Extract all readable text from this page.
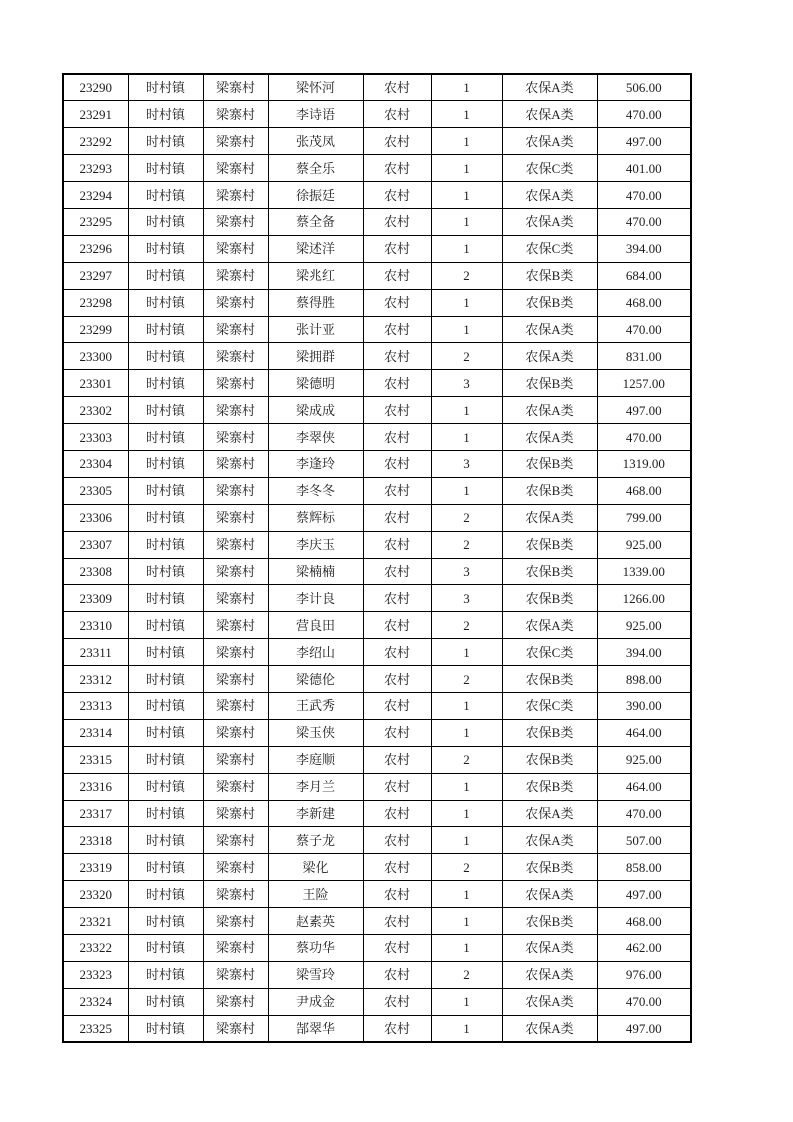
23290	时村镇	梁寨村	梁怀河	农村	1	农保A类	506.00
23291	时村镇	梁寨村	李诗语	农村	1	农保A类	470.00
23292	时村镇	梁寨村	张茂凤	农村	1	农保A类	497.00
23293	时村镇	梁寨村	蔡全乐	农村	1	农保C类	401.00
23294	时村镇	梁寨村	徐振廷	农村	1	农保A类	470.00
23295	时村镇	梁寨村	蔡全备	农村	1	农保A类	470.00
23296	时村镇	梁寨村	梁述洋	农村	1	农保C类	394.00
23297	时村镇	梁寨村	梁兆红	农村	2	农保B类	684.00
23298	时村镇	梁寨村	蔡得胜	农村	1	农保B类	468.00
23299	时村镇	梁寨村	张计亚	农村	1	农保A类	470.00
23300	时村镇	梁寨村	梁拥群	农村	2	农保A类	831.00
23301	时村镇	梁寨村	梁德明	农村	3	农保B类	1257.00
23302	时村镇	梁寨村	梁成成	农村	1	农保A类	497.00
23303	时村镇	梁寨村	李翠侠	农村	1	农保A类	470.00
23304	时村镇	梁寨村	李逢玲	农村	3	农保B类	1319.00
23305	时村镇	梁寨村	李冬冬	农村	1	农保B类	468.00
23306	时村镇	梁寨村	蔡辉标	农村	2	农保A类	799.00
23307	时村镇	梁寨村	李庆玉	农村	2	农保B类	925.00
23308	时村镇	梁寨村	梁楠楠	农村	3	农保B类	1339.00
23309	时村镇	梁寨村	李计良	农村	3	农保B类	1266.00
23310	时村镇	梁寨村	营良田	农村	2	农保A类	925.00
23311	时村镇	梁寨村	李绍山	农村	1	农保C类	394.00
23312	时村镇	梁寨村	梁德伦	农村	2	农保B类	898.00
23313	时村镇	梁寨村	王武秀	农村	1	农保C类	390.00
23314	时村镇	梁寨村	梁玉侠	农村	1	农保B类	464.00
23315	时村镇	梁寨村	李庭顺	农村	2	农保B类	925.00
23316	时村镇	梁寨村	李月兰	农村	1	农保B类	464.00
23317	时村镇	梁寨村	李新建	农村	1	农保A类	470.00
23318	时村镇	梁寨村	蔡子龙	农村	1	农保A类	507.00
23319	时村镇	梁寨村	梁化	农村	2	农保B类	858.00
23320	时村镇	梁寨村	王险	农村	1	农保A类	497.00
23321	时村镇	梁寨村	赵素英	农村	1	农保B类	468.00
23322	时村镇	梁寨村	蔡功华	农村	1	农保A类	462.00
23323	时村镇	梁寨村	梁雪玲	农村	2	农保A类	976.00
23324	时村镇	梁寨村	尹成金	农村	1	农保A类	470.00
23325	时村镇	梁寨村	郜翠华	农村	1	农保A类	497.00
